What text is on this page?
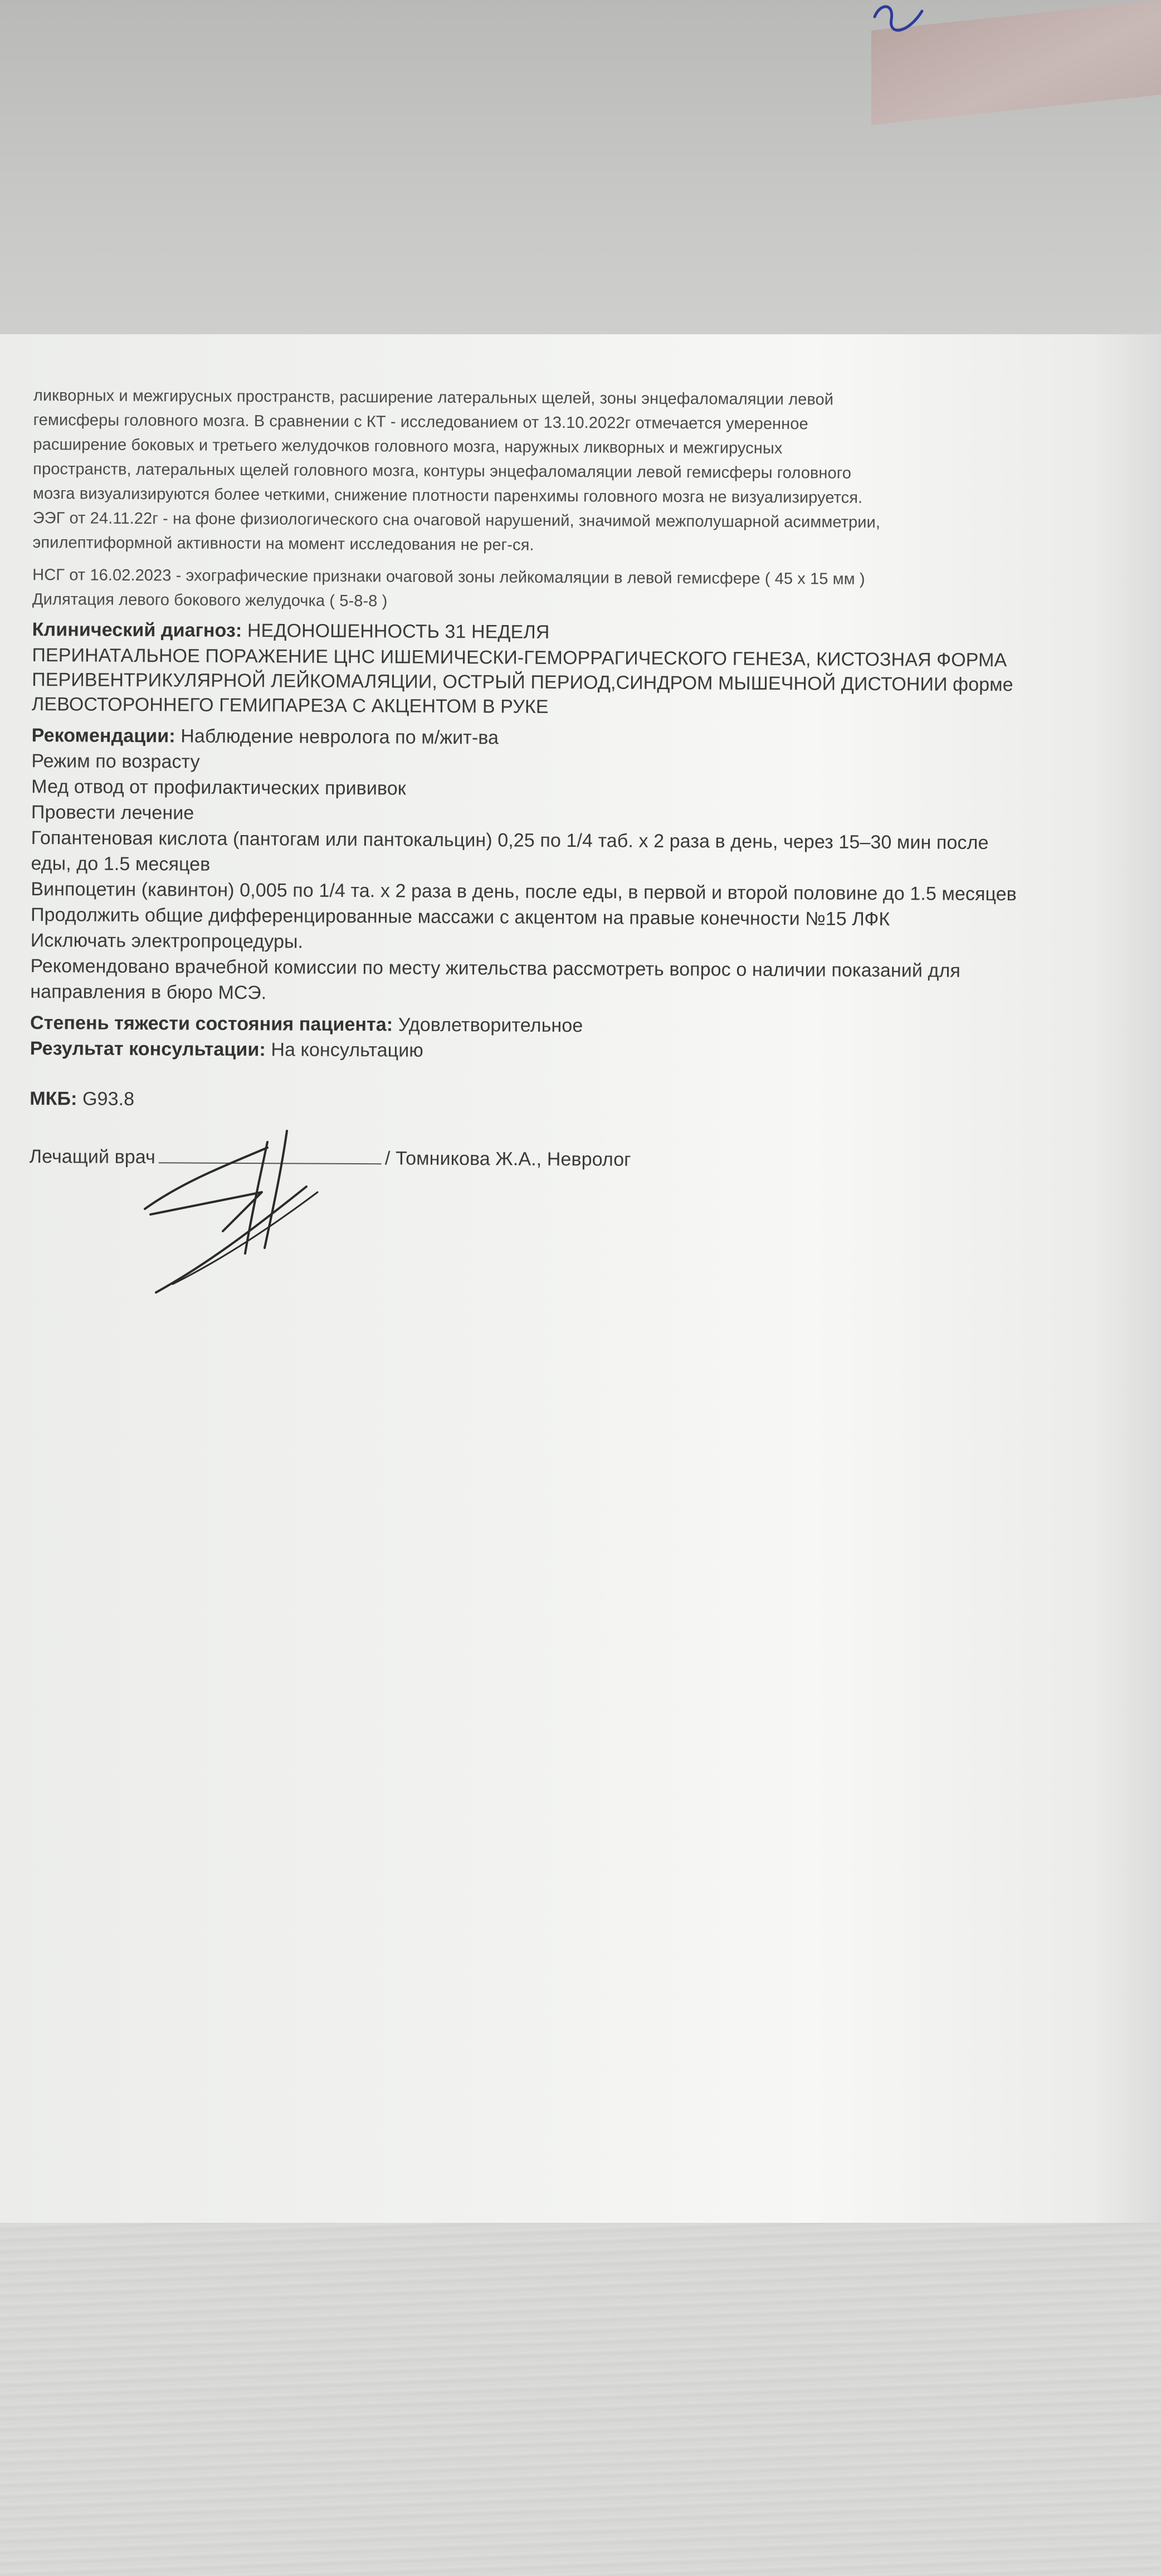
ликворных и межгирусных пространств, расширение латеральных щелей, зоны энцефаломаляции левой
гемисферы головного мозга. В сравнении с КТ - исследованием от 13.10.2022г отмечается умеренное
расширение боковых и третьего желудочков головного мозга, наружных ликворных и межгирусных
пространств, латеральных щелей головного мозга, контуры энцефаломаляции левой гемисферы головного
мозга визуализируются более четкими, снижение плотности паренхимы головного мозга не визуализируется.
ЭЭГ от 24.11.22г - на фоне физиологического сна очаговой нарушений, значимой межполушарной асимметрии,
эпилептиформной активности на момент исследования не рег-ся.
НСГ от 16.02.2023 - эхографические признаки очаговой зоны лейкомаляции в левой гемисфере ( 45 х 15 мм )
Дилятация левого бокового желудочка ( 5-8-8 )
Клинический диагноз: НЕДОНОШЕННОСТЬ 31 НЕДЕЛЯ
ПЕРИНАТАЛЬНОЕ ПОРАЖЕНИЕ ЦНС ИШЕМИЧЕСКИ-ГЕМОРРАГИЧЕСКОГО ГЕНЕЗА, КИСТОЗНАЯ ФОРМА
ПЕРИВЕНТРИКУЛЯРНОЙ ЛЕЙКОМАЛЯЦИИ, ОСТРЫЙ ПЕРИОД,СИНДРОМ МЫШЕЧНОЙ ДИСТОНИИ форме
ЛЕВОСТОРОННЕГО ГЕМИПАРЕЗА С АКЦЕНТОМ В РУКЕ
Рекомендации: Наблюдение невролога по м/жит-ва
Режим по возрасту
Мед отвод от профилактических прививок
Провести лечение
Гопантеновая кислота (пантогам или пантокальцин) 0,25 по 1/4 таб. х 2 раза в день, через 15–30 мин после
еды, до 1.5 месяцев
Винпоцетин (кавинтон) 0,005 по 1/4 та. х 2 раза в день, после еды, в первой и второй половине до 1.5 месяцев
Продолжить общие дифференцированные массажи с акцентом на правые конечности №15 ЛФК
Исключать электропроцедуры.
Рекомендовано врачебной комиссии по месту жительства рассмотреть вопрос о наличии показаний для
направления в бюро МСЭ.
Степень тяжести состояния пациента: Удовлетворительное
Результат консультации: На консультацию
МКБ: G93.8
Лечащий врач	/ Томникова Ж.А., Невролог
